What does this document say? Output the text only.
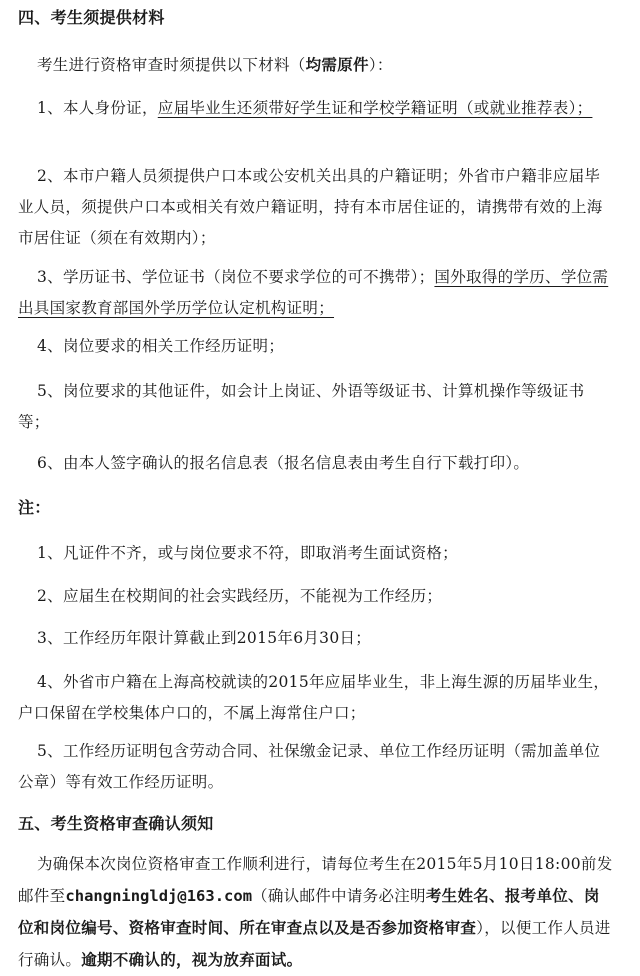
四、考生须提供材料
考生进行资格审查时须提供以下材料（均需原件）：
1、本人身份证，应届毕业生还须带好学生证和学校学籍证明（或就业推荐表）；
2、本市户籍人员须提供户口本或公安机关出具的户籍证明；外省市户籍非应届毕业人员，须提供户口本或相关有效户籍证明，持有本市居住证的，请携带有效的上海市居住证（须在有效期内）；
3、学历证书、学位证书（岗位不要求学位的可不携带）；国外取得的学历、学位需出具国家教育部国外学历学位认定机构证明；
4、岗位要求的相关工作经历证明；
5、岗位要求的其他证件，如会计上岗证、外语等级证书、计算机操作等级证书等；
6、由本人签字确认的报名信息表（报名信息表由考生自行下载打印）。
注：
1、凡证件不齐，或与岗位要求不符，即取消考生面试资格；
2、应届生在校期间的社会实践经历，不能视为工作经历；
3、工作经历年限计算截止到2015年6月30日；
4、外省市户籍在上海高校就读的2015年应届毕业生，非上海生源的历届毕业生，户口保留在学校集体户口的，不属上海常住户口；
5、工作经历证明包含劳动合同、社保缴金记录、单位工作经历证明（需加盖单位公章）等有效工作经历证明。
五、考生资格审查确认须知
为确保本次岗位资格审查工作顺利进行，请每位考生在2015年5月10日18:00前发邮件至changningldj@163.com（确认邮件中请务必注明考生姓名、报考单位、岗位和岗位编号、资格审查时间、所在审查点以及是否参加资格审查），以便工作人员进行确认。逾期不确认的，视为放弃面试。
